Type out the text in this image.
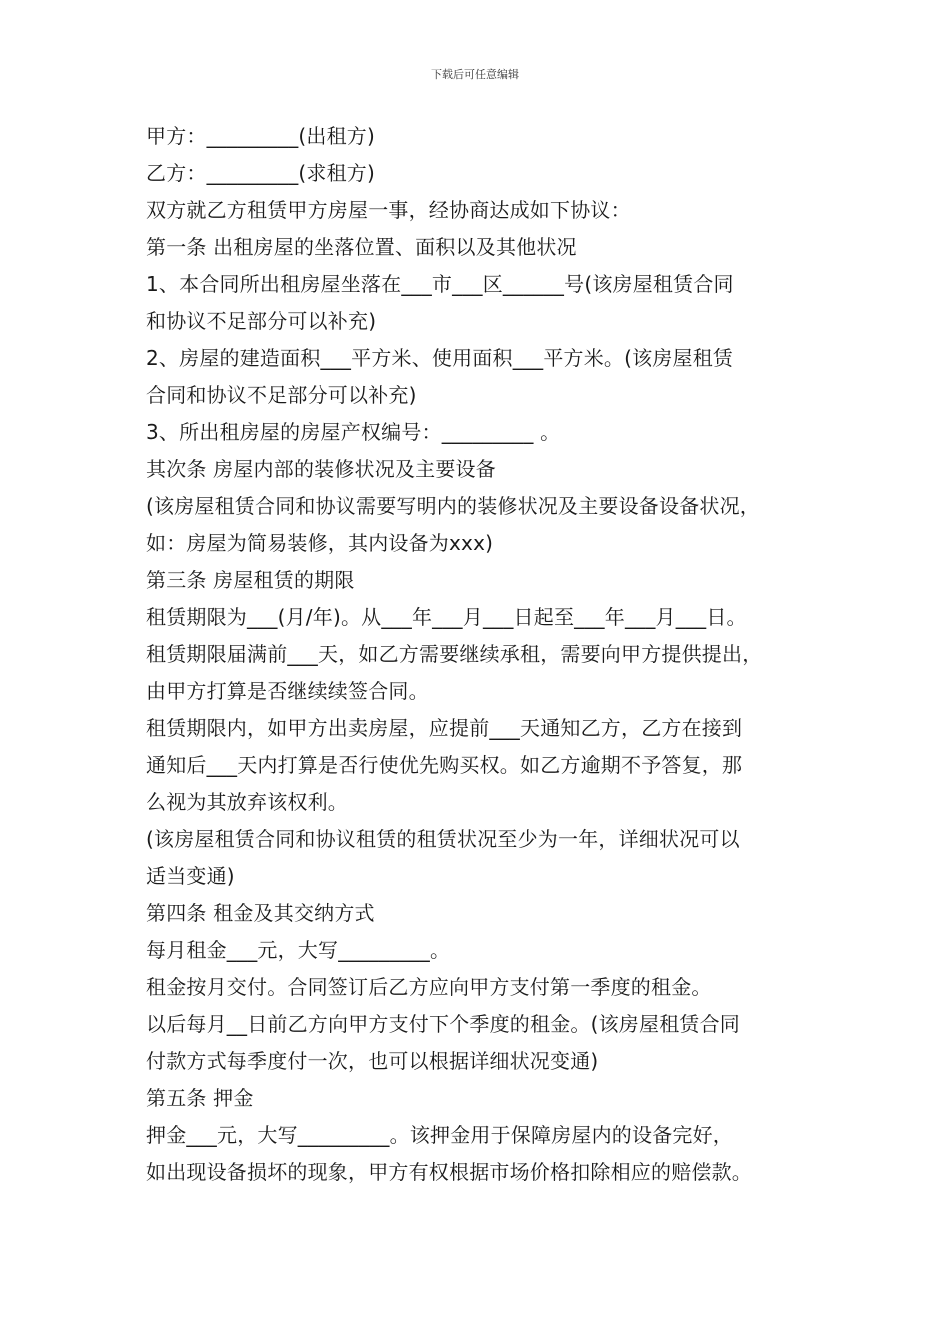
下载后可任意编辑
甲方：_________(出租方)
乙方：_________(求租方)
双方就乙方租赁甲方房屋一事，经协商达成如下协议：
第一条 出租房屋的坐落位置、面积以及其他状况
1、本合同所出租房屋坐落在___市___区______号(该房屋租赁合同
和协议不足部分可以补充)
2、房屋的建造面积___平方米、使用面积___平方米。(该房屋租赁
合同和协议不足部分可以补充)
3、所出租房屋的房屋产权编号：_________ 。
其次条 房屋内部的装修状况及主要设备
(该房屋租赁合同和协议需要写明内的装修状况及主要设备设备状况，
如：房屋为简易装修，其内设备为xxx)
第三条 房屋租赁的期限
租赁期限为___(月/年)。从___年___月___日起至___年___月___日。
租赁期限届满前___天，如乙方需要继续承租，需要向甲方提供提出，
由甲方打算是否继续续签合同。
租赁期限内，如甲方出卖房屋，应提前___天通知乙方，乙方在接到
通知后___天内打算是否行使优先购买权。如乙方逾期不予答复，那
么视为其放弃该权利。
(该房屋租赁合同和协议租赁的租赁状况至少为一年，详细状况可以
适当变通)
第四条 租金及其交纳方式
每月租金___元，大写_________。
租金按月交付。合同签订后乙方应向甲方支付第一季度的租金。
以后每月__日前乙方向甲方支付下个季度的租金。(该房屋租赁合同
付款方式每季度付一次，也可以根据详细状况变通)
第五条 押金
押金___元，大写_________。该押金用于保障房屋内的设备完好，
如出现设备损坏的现象，甲方有权根据市场价格扣除相应的赔偿款。
